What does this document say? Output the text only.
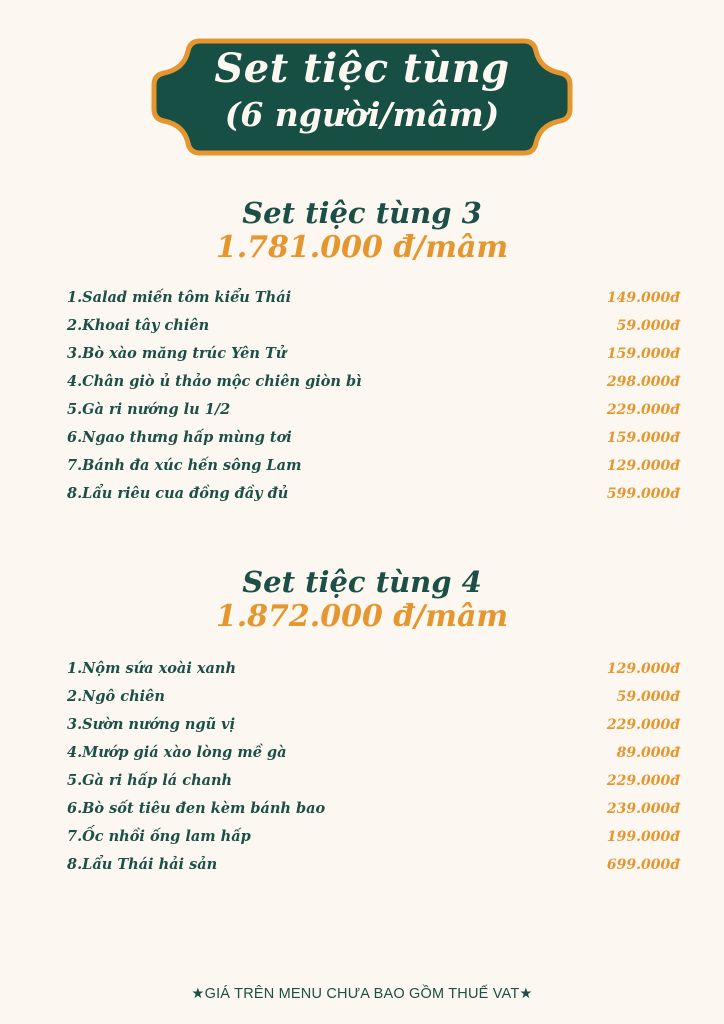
Set tiệc tùng
(6 người/mâm)
Set tiệc tùng 3

1.781.000 đ/mâm

1.Salad miến tôm kiểu Thái	149.000đ
2.Khoai tây chiên	59.000đ
3.Bò xào măng trúc Yên Tử	159.000đ
4.Chân giò ủ thảo mộc chiên giòn bì	298.000đ
5.Gà ri nướng lu 1/2	229.000đ
6.Ngao thưng hấp mùng tơi	159.000đ
7.Bánh đa xúc hến sông Lam	129.000đ
8.Lẩu riêu cua đồng đầy đủ	599.000đ
Set tiệc tùng 4

1.872.000 đ/mâm

1.Nộm sứa xoài xanh	129.000đ
2.Ngô chiên	59.000đ
3.Sườn nướng ngũ vị	229.000đ
4.Mướp giá xào lòng mề gà	89.000đ
5.Gà ri hấp lá chanh	229.000đ
6.Bò sốt tiêu đen kèm bánh bao	239.000đ
7.Ốc nhồi ống lam hấp	199.000đ
8.Lẩu Thái hải sản	699.000đ
★GIÁ TRÊN MENU CHƯA BAO GỒM THUẾ VAT★
